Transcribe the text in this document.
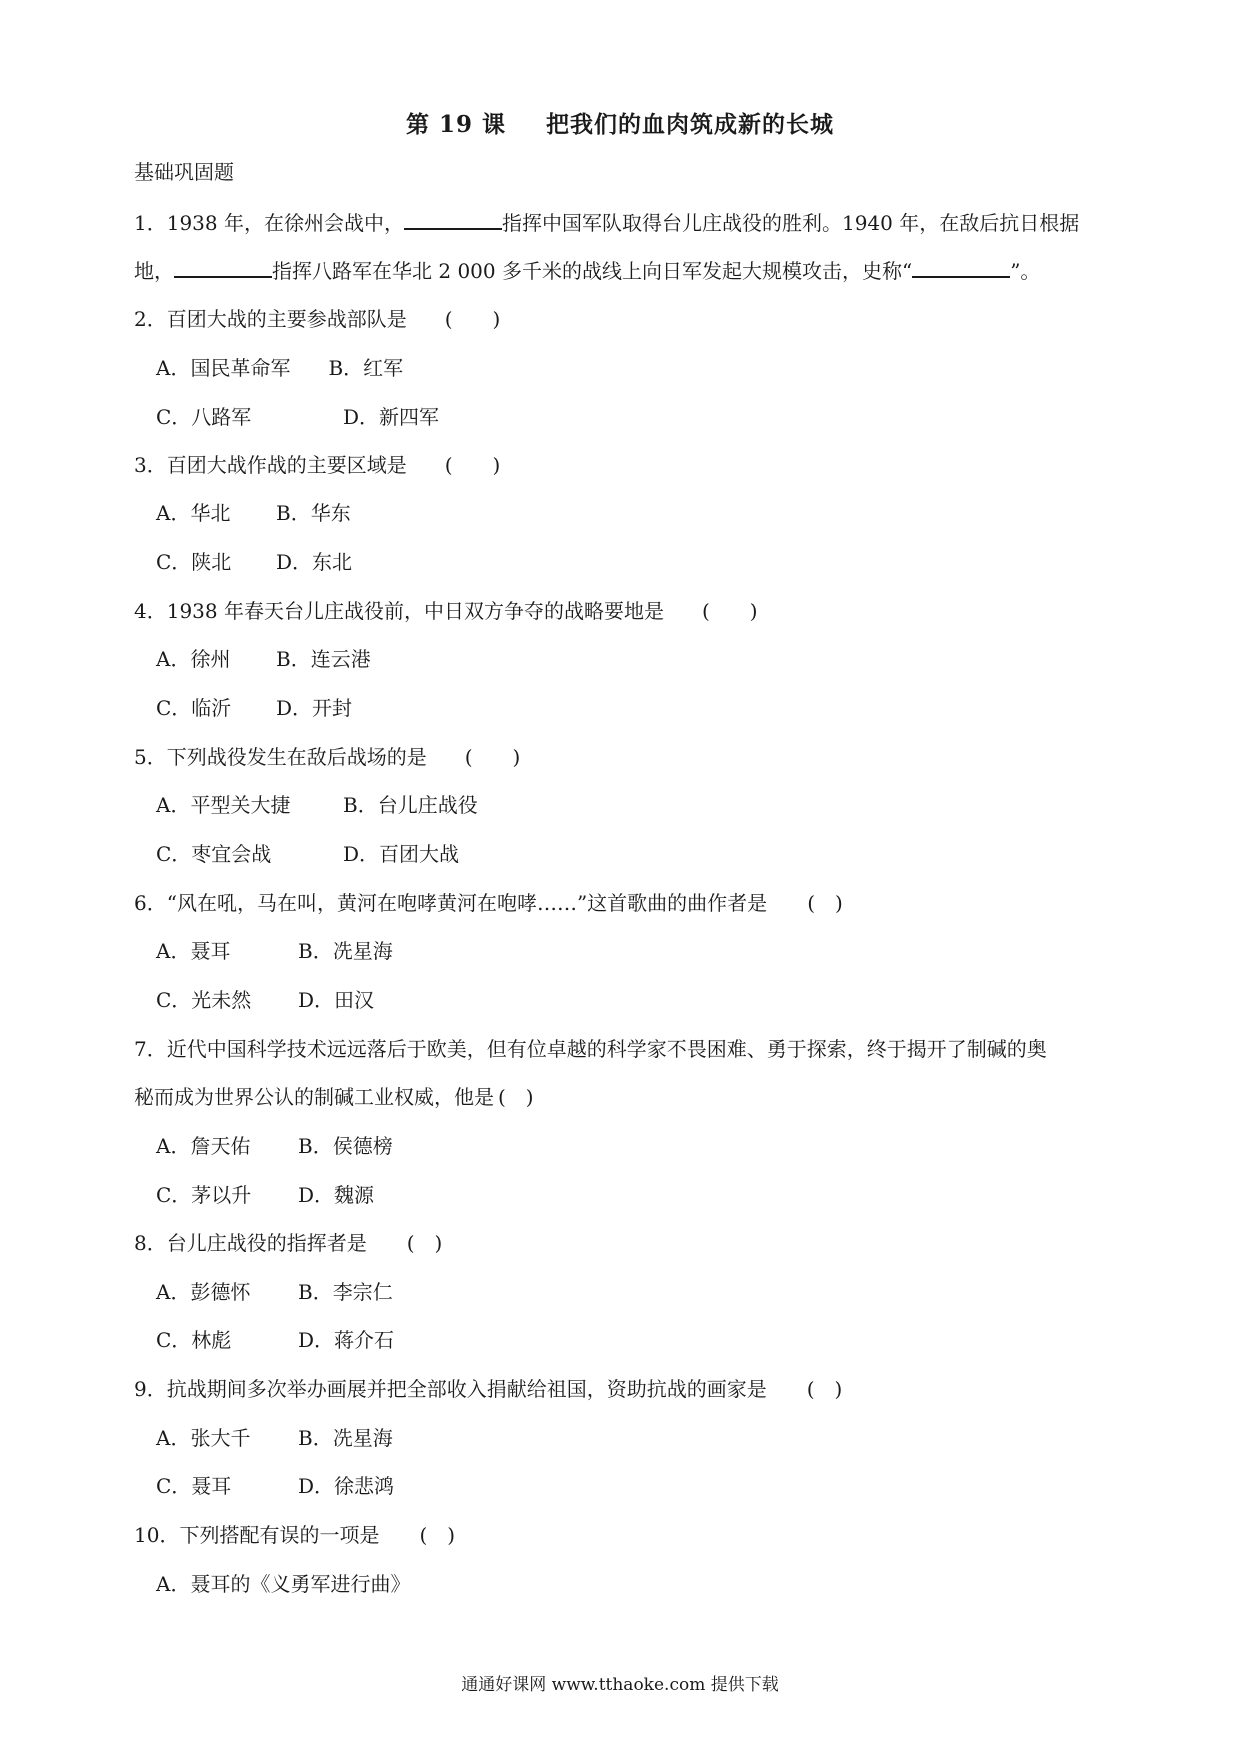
第 19 课 把我们的血肉筑成新的长城
基础巩固题
1．1938 年，在徐州会战中，	指挥中国军队取得台儿庄战役的胜利。1940 年，在敌后抗日根据
地，	指挥八路军在华北 2 000 多千米的战线上向日军发起大规模攻击，史称“	”。
2．百团大战的主要参战部队是 (　　)
A．国民革命军 B．红军
C．八路军	D．新四军
3．百团大战作战的主要区域是 (　　)
A．华北 B．华东
C．陕北 D．东北
4．1938 年春天台儿庄战役前，中日双方争夺的战略要地是 (　　)
A．徐州 B．连云港
C．临沂 D．开封
5．下列战役发生在敌后战场的是 (　　)
A．平型关大捷	B．台儿庄战役
C．枣宜会战	D．百团大战
6．“风在吼，马在叫，黄河在咆哮黄河在咆哮……”这首歌曲的曲作者是 (　)
A．聂耳	B．冼星海
C．光未然 D．田汉
7．近代中国科学技术远远落后于欧美，但有位卓越的科学家不畏困难、勇于探索，终于揭开了制碱的奥
秘而成为世界公认的制碱工业权威，他是 (　)
A．詹天佑 B．侯德榜
C．茅以升 D．魏源
8．台儿庄战役的指挥者是 (　)
A．彭德怀 B．李宗仁
C．林彪	D．蒋介石
9．抗战期间多次举办画展并把全部收入捐献给祖国，资助抗战的画家是 (　)
A．张大千 B．冼星海
C．聂耳	D．徐悲鸿
10．下列搭配有误的一项是 (　)
A．聂耳的《义勇军进行曲》
通通好课网 www.tthaoke.com 提供下载
